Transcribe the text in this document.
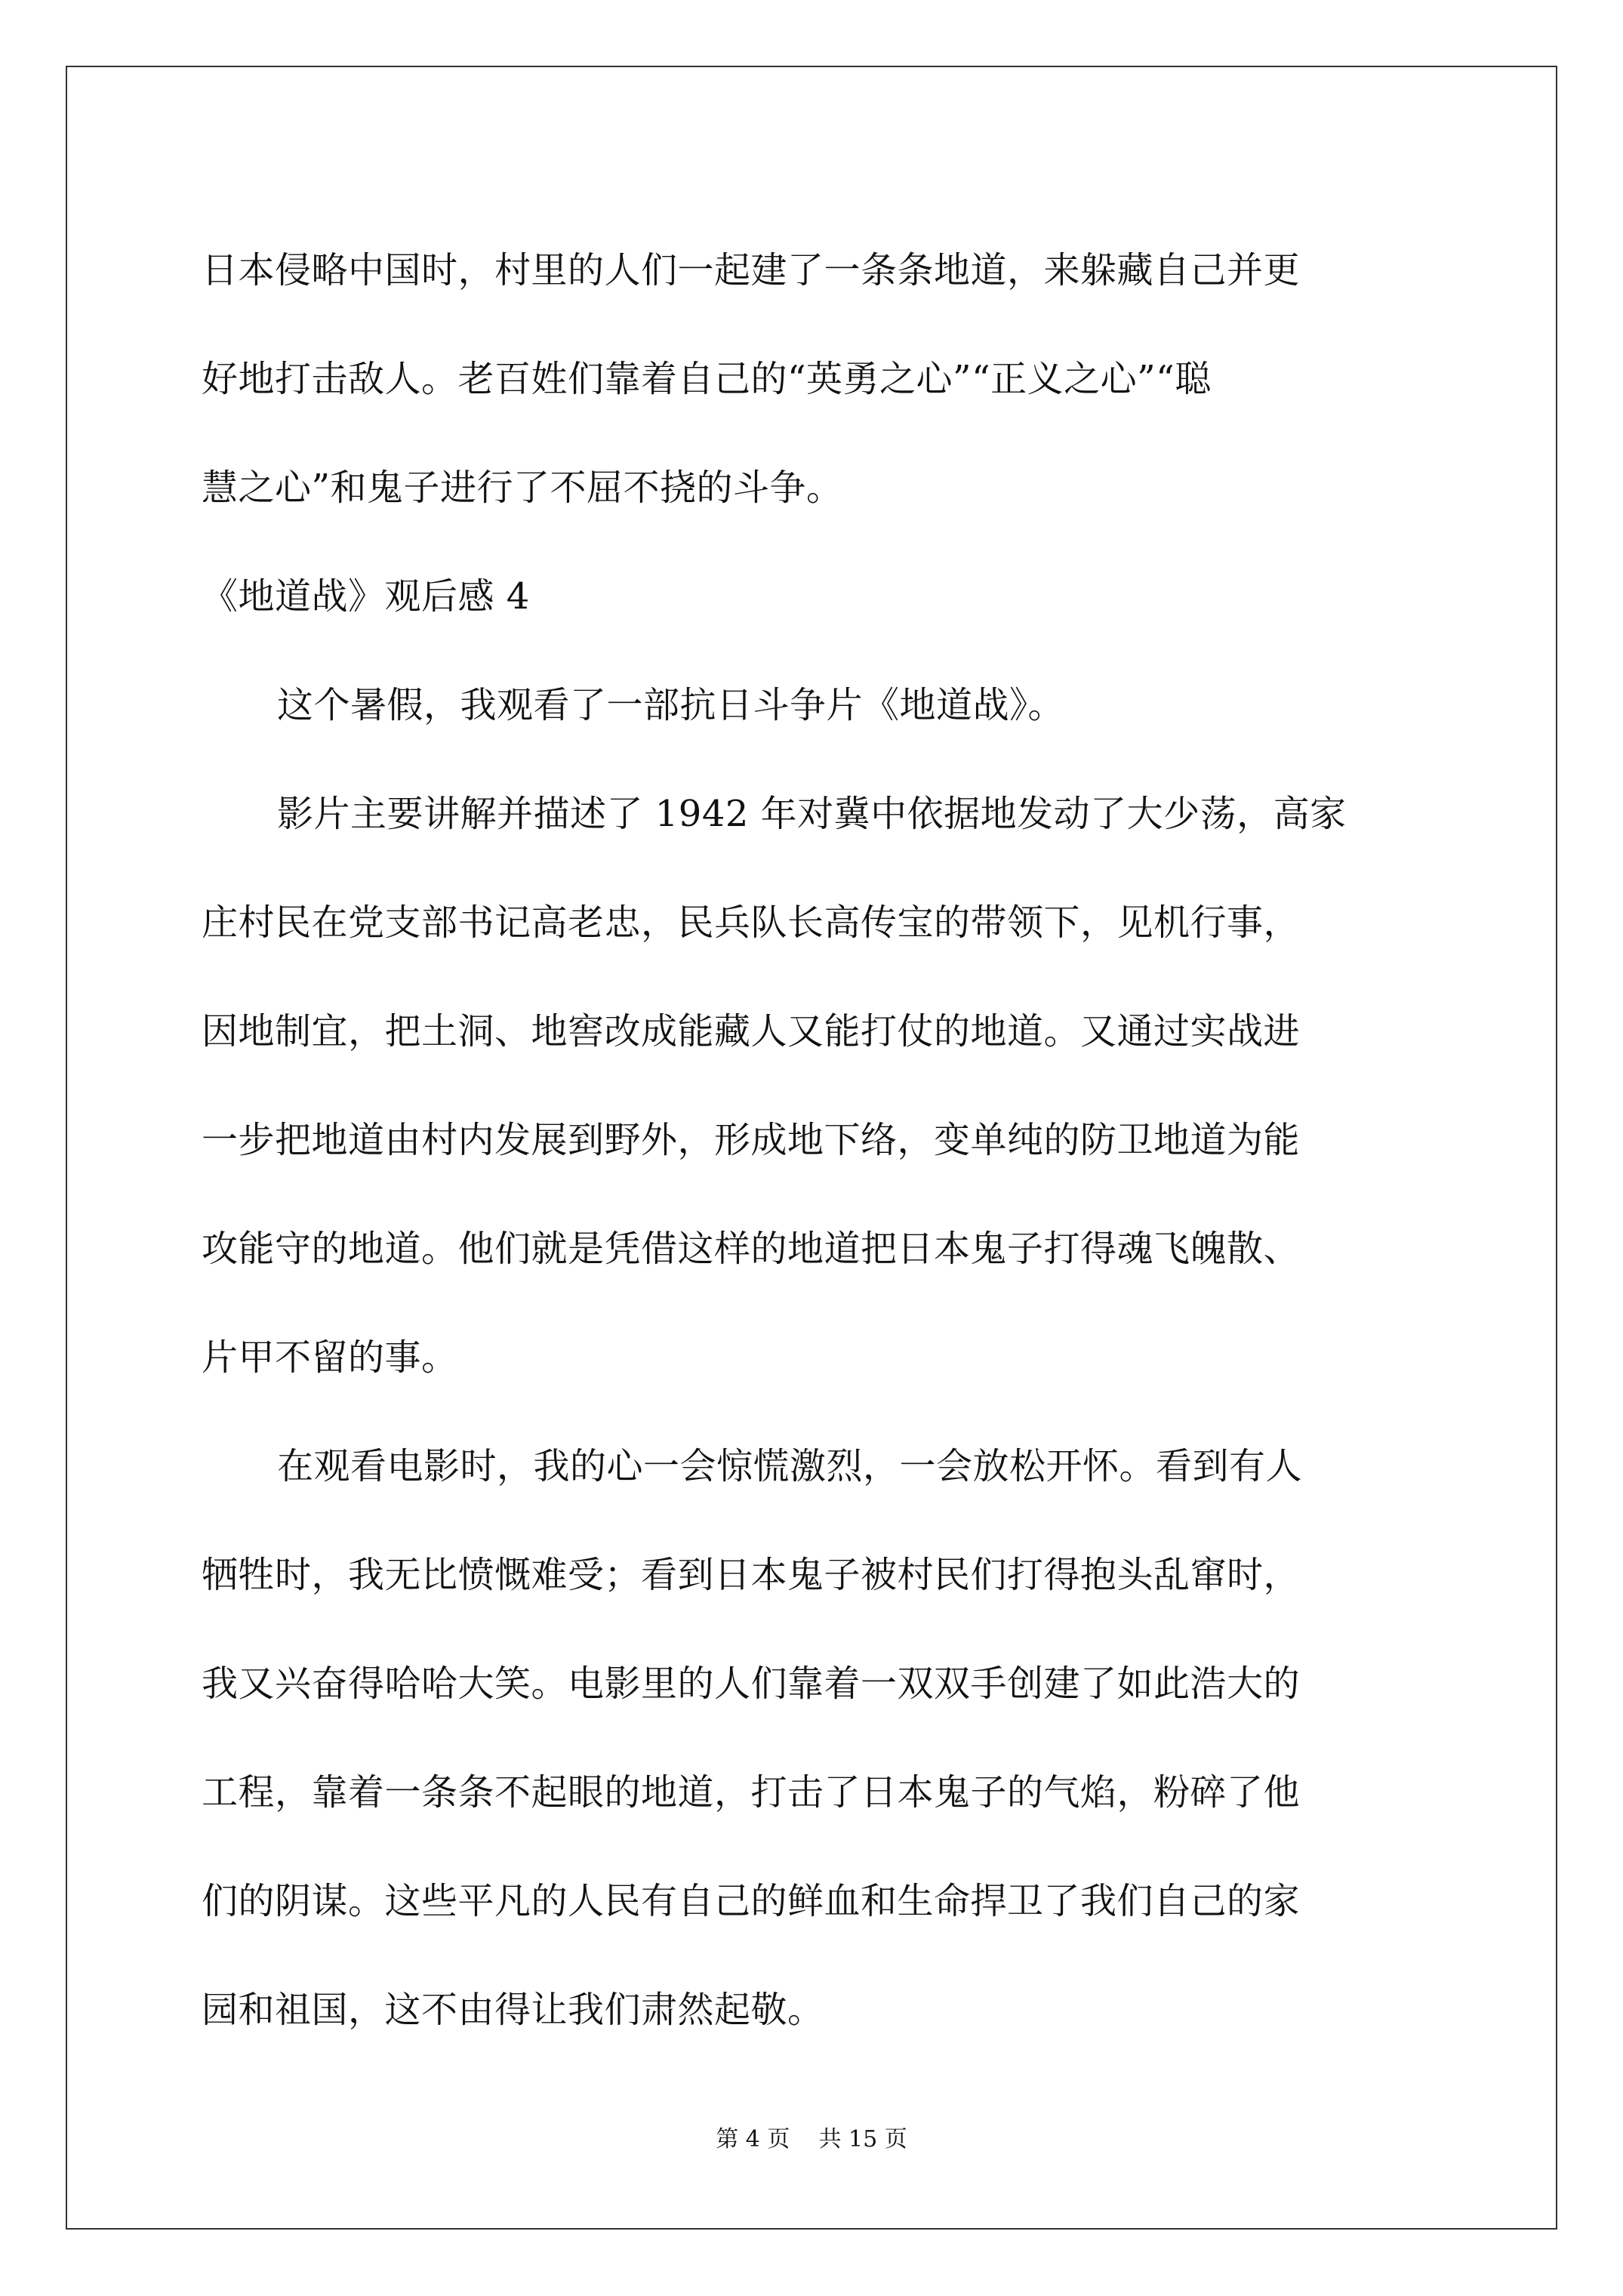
日本侵略中国时，村里的人们一起建了一条条地道，来躲藏自己并更
好地打击敌人。老百姓们靠着自己的“英勇之心”“正义之心”“聪
慧之心”和鬼子进行了不屈不挠的斗争。
《地道战》观后感 4
这个暑假，我观看了一部抗日斗争片《地道战》。
影片主要讲解并描述了 1942 年对冀中依据地发动了大少荡，高家
庄村民在党支部书记高老忠，民兵队长高传宝的带领下，见机行事，
因地制宜，把土洞、地窖改成能藏人又能打仗的地道。又通过实战进
一步把地道由村内发展到野外，形成地下络，变单纯的防卫地道为能
攻能守的地道。他们就是凭借这样的地道把日本鬼子打得魂飞魄散、
片甲不留的事。
在观看电影时，我的心一会惊慌激烈，一会放松开怀。看到有人
牺牲时，我无比愤慨难受；看到日本鬼子被村民们打得抱头乱窜时，
我又兴奋得哈哈大笑。电影里的人们靠着一双双手创建了如此浩大的
工程，靠着一条条不起眼的地道，打击了日本鬼子的气焰，粉碎了他
们的阴谋。这些平凡的人民有自己的鲜血和生命捍卫了我们自己的家
园和祖国，这不由得让我们肃然起敬。
第 4 页    共 15 页
